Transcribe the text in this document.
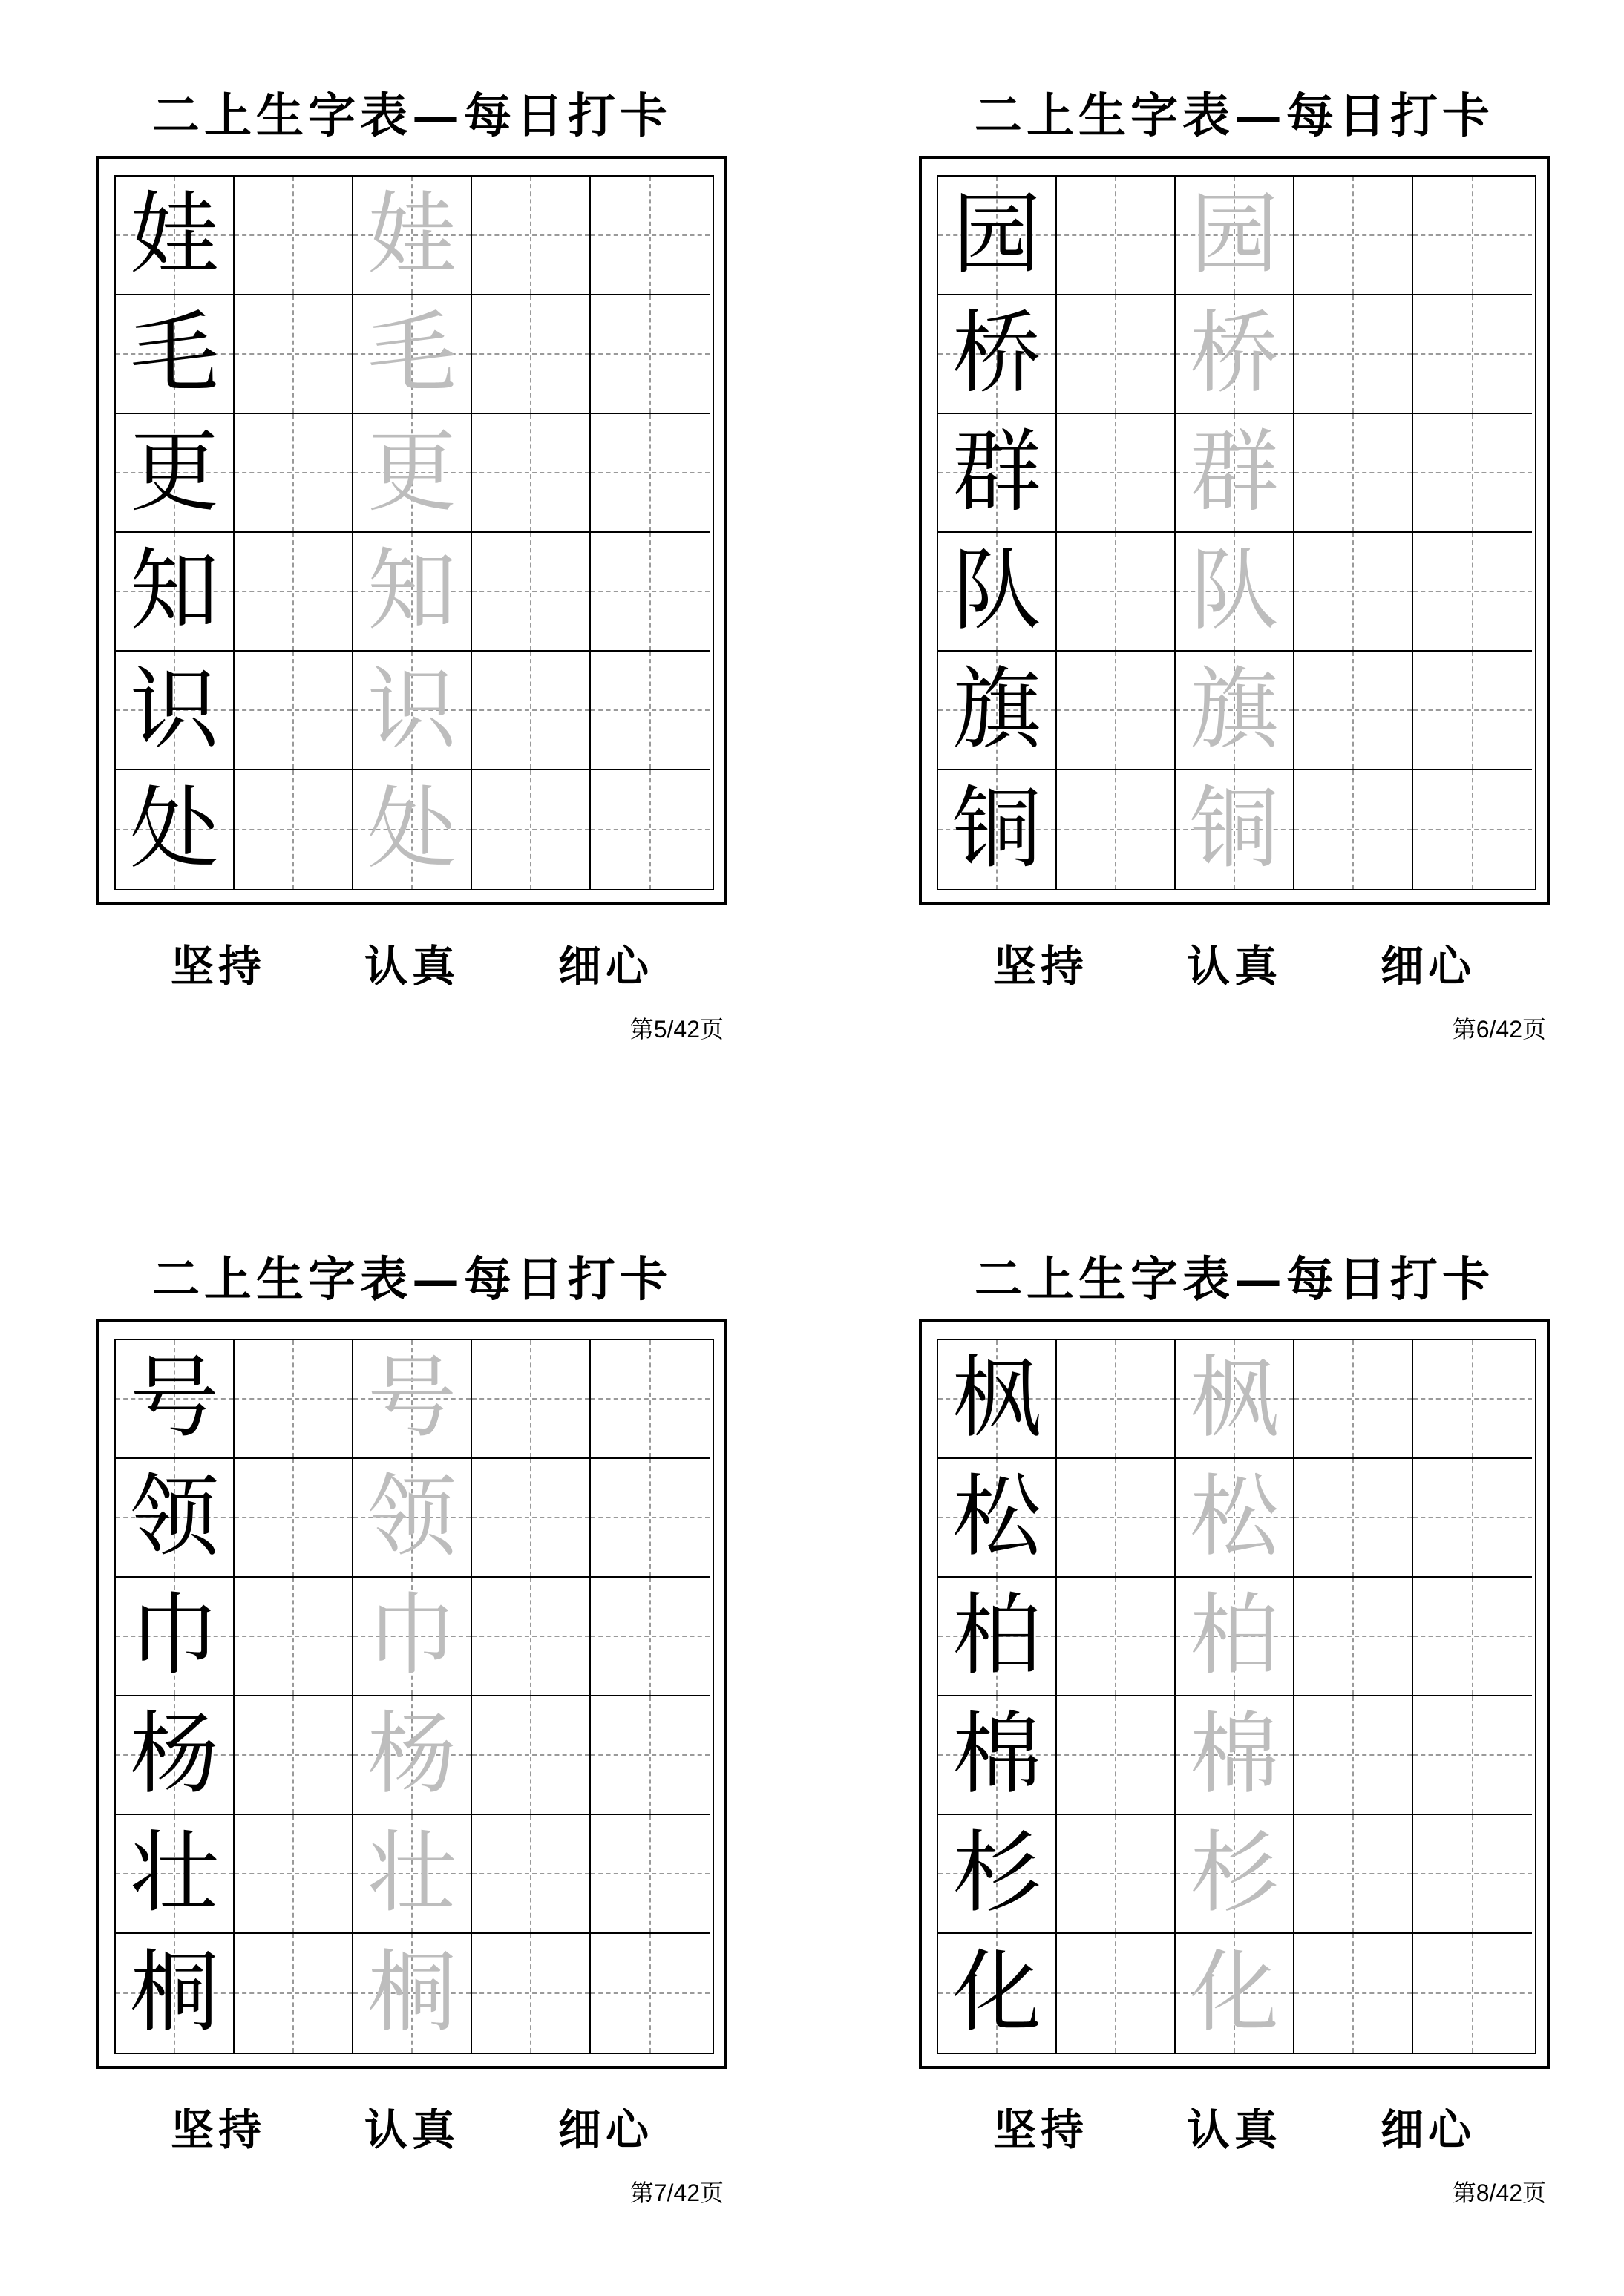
二上生字表—每日打卡
娃 娃
毛 毛
更 更
知 知
识 识
处 处
坚持 认真 细心
第5/42页
二上生字表—每日打卡
园 园
桥 桥
群 群
队 队
旗 旗
铜 铜
坚持 认真 细心
第6/42页
二上生字表—每日打卡
号 号
领 领
巾 巾
杨 杨
壮 壮
桐 桐
坚持 认真 细心
第7/42页
二上生字表—每日打卡
枫 枫
松 松
柏 柏
棉 棉
杉 杉
化 化
坚持 认真 细心
第8/42页
